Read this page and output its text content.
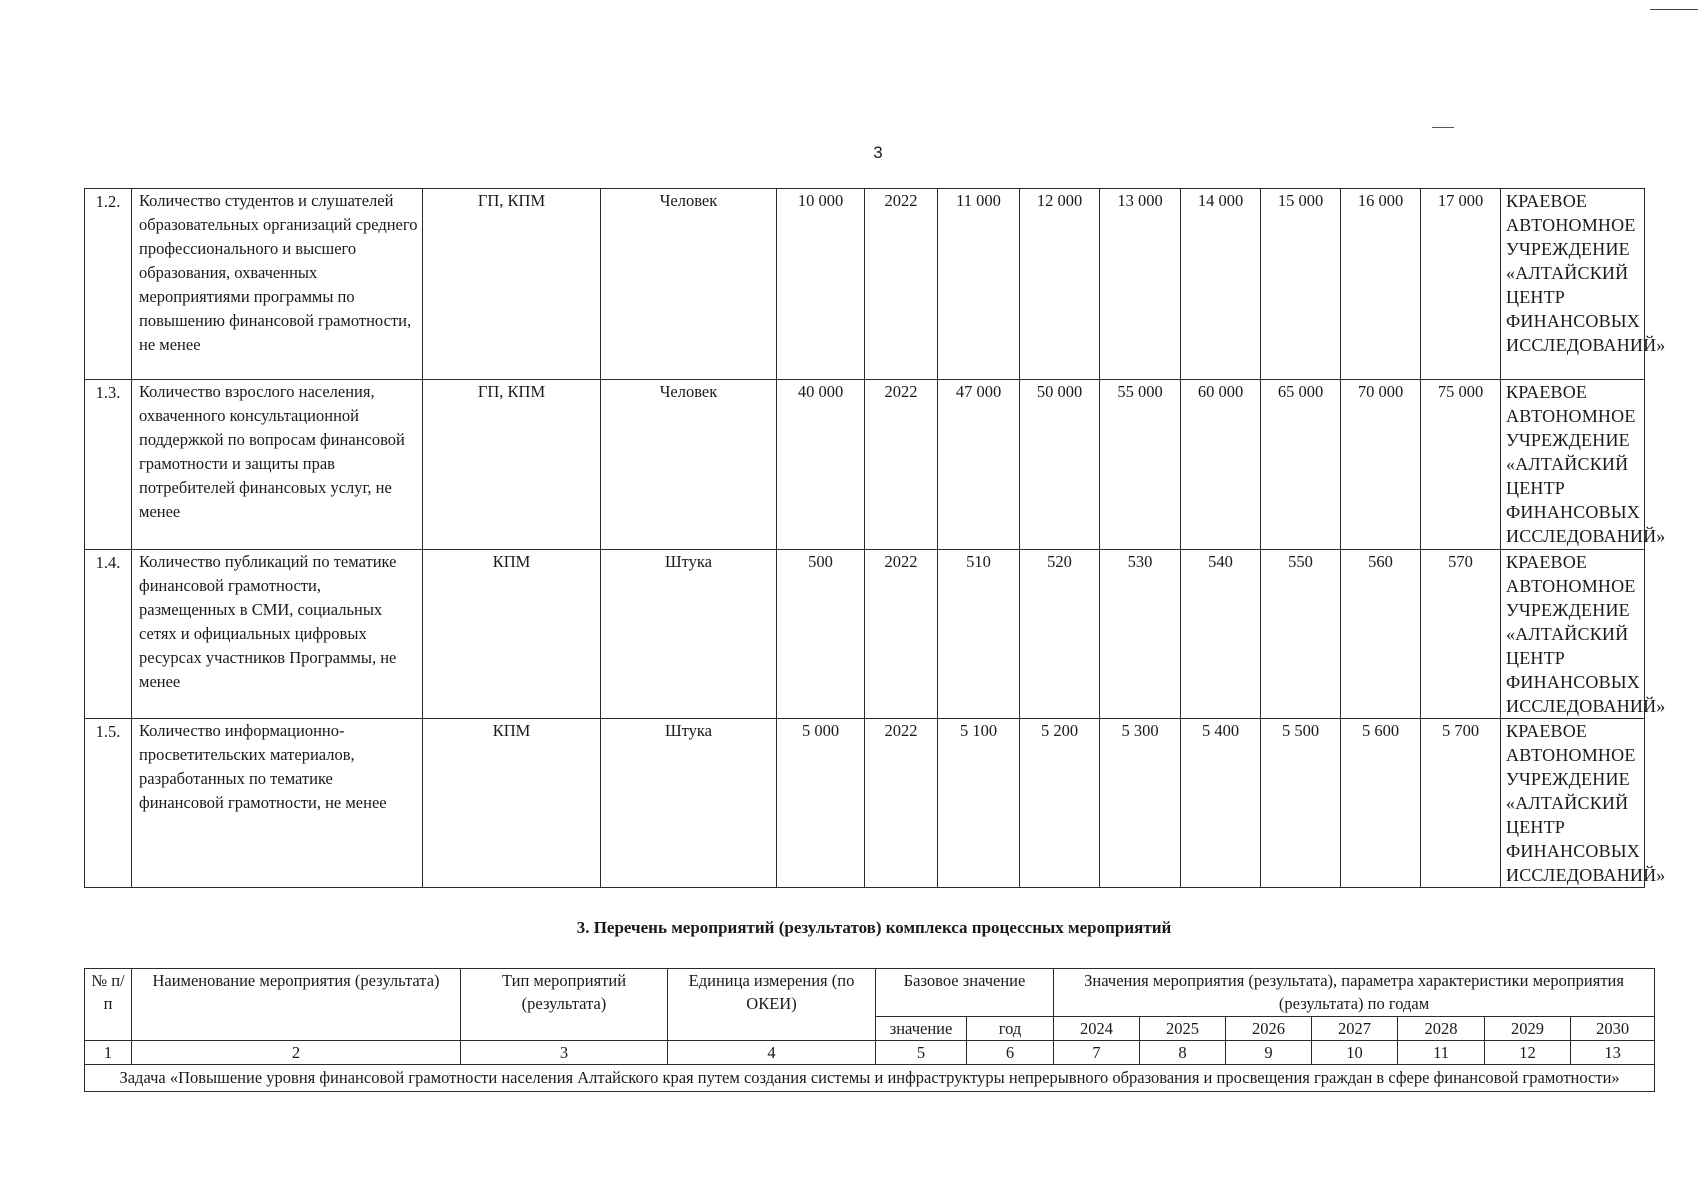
3
1.2.	Количество студентов и слушателей образовательных организаций среднего профессионального и высшего образования, охваченных мероприятиями программы по повышению финансовой грамотности, не менее	ГП, КПМ	Человек	10 000	2022	11 000	12 000	13 000	14 000	15 000	16 000	17 000	КРАЕВОЕ АВТОНОМНОЕ УЧРЕЖДЕНИЕ «АЛТАЙСКИЙ ЦЕНТР ФИНАНСОВЫХ ИССЛЕДОВАНИЙ»
1.3.	Количество взрослого населения, охваченного консультационной поддержкой по вопросам финансовой грамотности и защиты прав потребителей финансовых услуг, не менее	ГП, КПМ	Человек	40 000	2022	47 000	50 000	55 000	60 000	65 000	70 000	75 000	КРАЕВОЕ АВТОНОМНОЕ УЧРЕЖДЕНИЕ «АЛТАЙСКИЙ ЦЕНТР ФИНАНСОВЫХ ИССЛЕДОВАНИЙ»
1.4.	Количество публикаций по тематике финансовой грамотности, размещенных в СМИ, социальных сетях и официальных цифровых ресурсах участников Программы, не менее	КПМ	Штука	500	2022	510	520	530	540	550	560	570	КРАЕВОЕ АВТОНОМНОЕ УЧРЕЖДЕНИЕ «АЛТАЙСКИЙ ЦЕНТР ФИНАНСОВЫХ ИССЛЕДОВАНИЙ»
1.5.	Количество информационно-просветительских материалов, разработанных по тематике финансовой грамотности, не менее	КПМ	Штука	5 000	2022	5 100	5 200	5 300	5 400	5 500	5 600	5 700	КРАЕВОЕ АВТОНОМНОЕ УЧРЕЖДЕНИЕ «АЛТАЙСКИЙ ЦЕНТР ФИНАНСОВЫХ ИССЛЕДОВАНИЙ»
3. Перечень мероприятий (результатов) комплекса процессных мероприятий
№ п/п	Наименование мероприятия (результата)	Тип мероприятий (результата)	Единица измерения (по ОКЕИ)	Базовое значение		Значения мероприятия (результата), параметра характеристики мероприятия (результата) по годам						
				значение	год	2024	2025	2026	2027	2028	2029	2030
1	2	3	4	5	6	7	8	9	10	11	12	13
Задача «Повышение уровня финансовой грамотности населения Алтайского края путем создания системы и инфраструктуры непрерывного образования и просвещения граждан в сфере финансовой грамотности»												
